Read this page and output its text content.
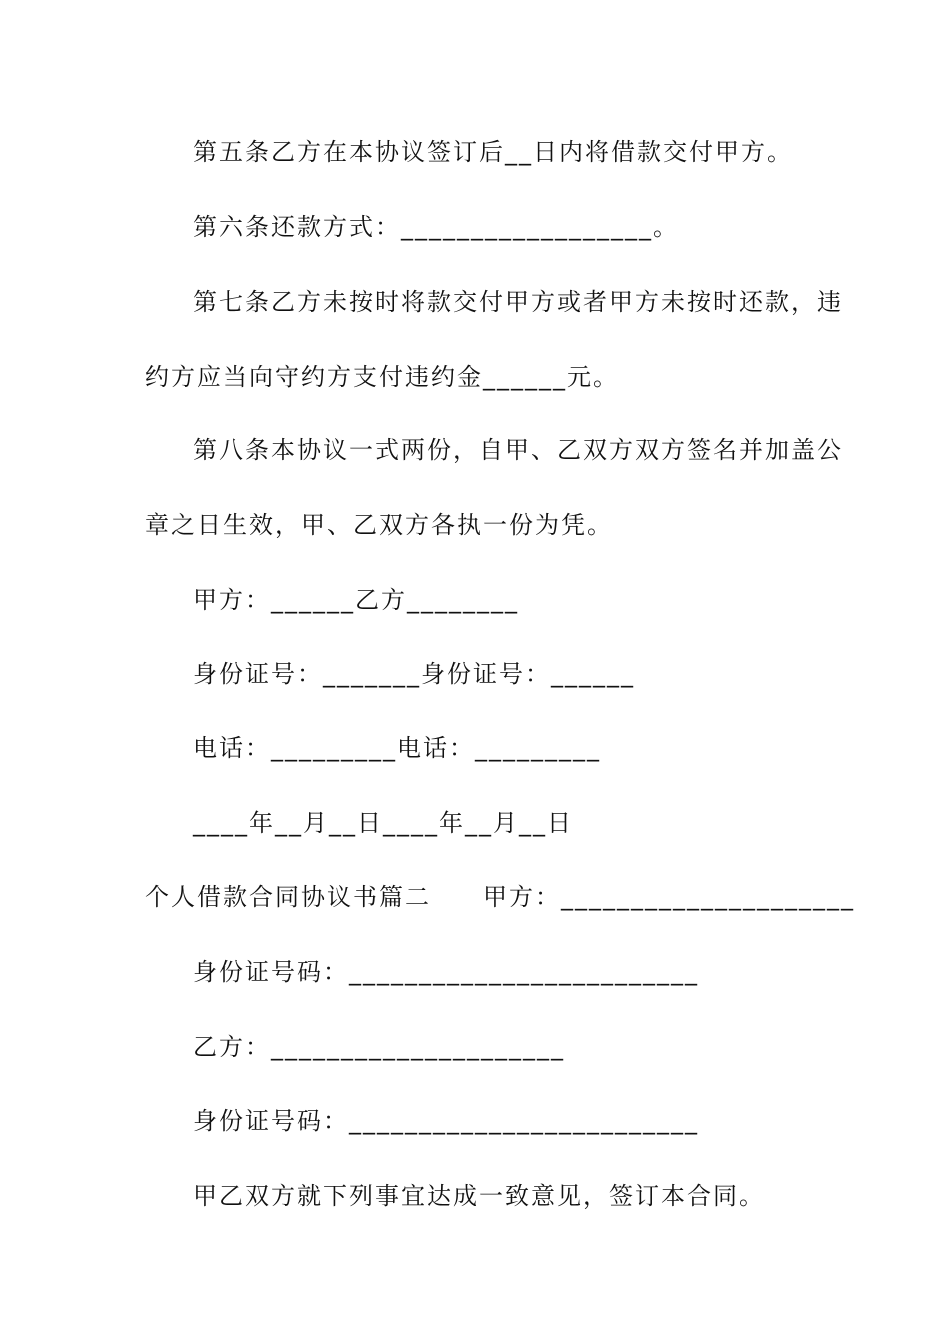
第五条乙方在本协议签订后__日内将借款交付甲方。
第六条还款方式：__________________。
第七条乙方未按时将款交付甲方或者甲方未按时还款，违
约方应当向守约方支付违约金______元。
第八条本协议一式两份，自甲、乙双方双方签名并加盖公
章之日生效，甲、乙双方各执一份为凭。
甲方：______乙方________
身份证号：_______身份证号：______
电话：_________电话：_________
____年__月__日____年__月__日
个人借款合同协议书篇二　　甲方：_____________________
身份证号码：_________________________
乙方：_____________________
身份证号码：_________________________
甲乙双方就下列事宜达成一致意见，签订本合同。
